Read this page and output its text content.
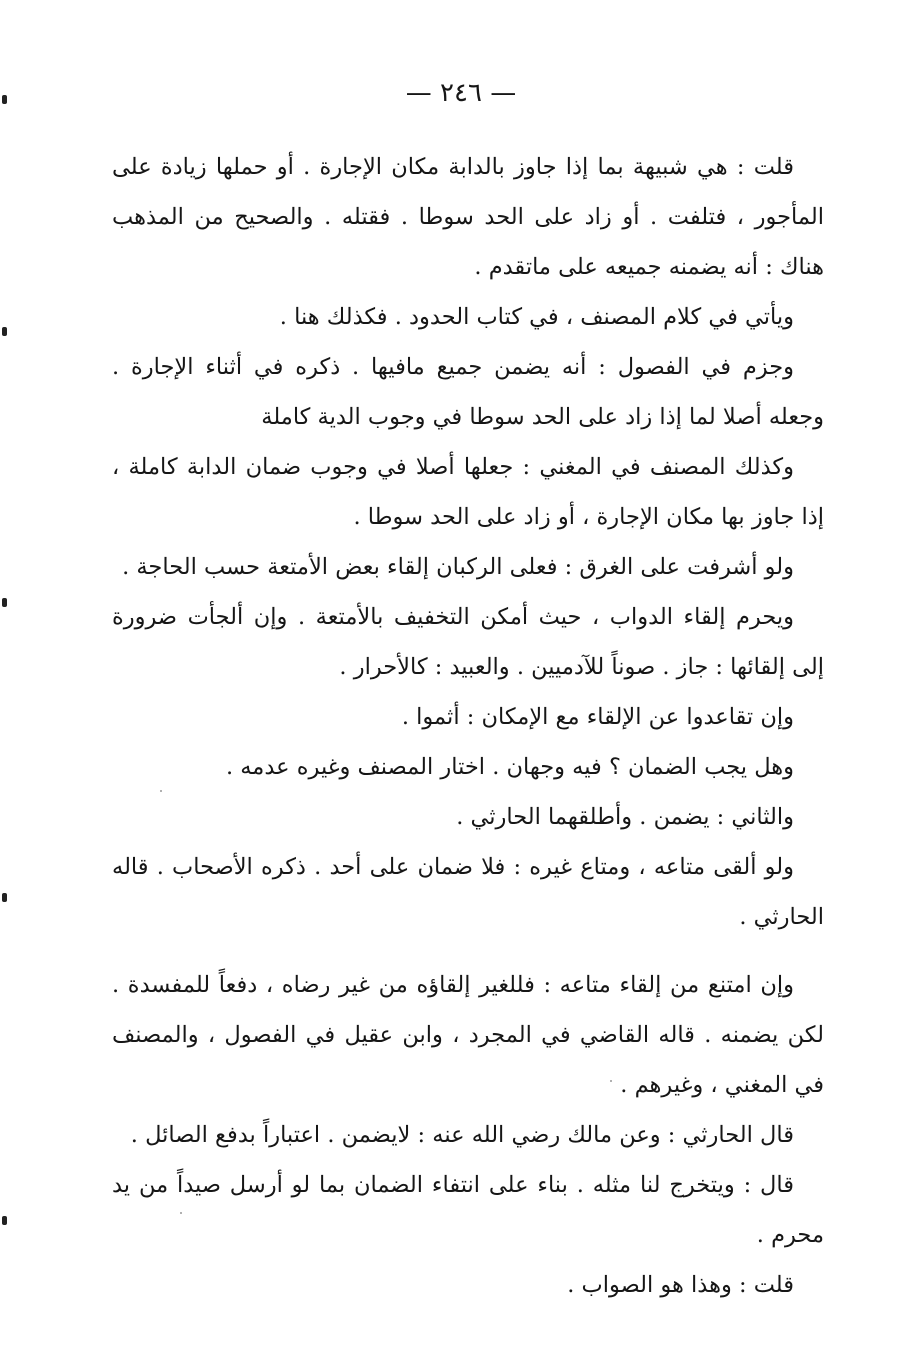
— ٢٤٦ —

قلت : هي شبيهة بما إذا جاوز بالدابة مكان الإجارة . أو حملها زيادة على المأجور ، فتلفت . أو زاد على الحد سوطا . فقتله . والصحيح من المذهب هناك : أنه يضمنه جميعه على ماتقدم .

ويأتي في كلام المصنف ، في كتاب الحدود . فكذلك هنا .

وجزم في الفصول : أنه يضمن جميع مافيها . ذكره في أثناء الإجارة . وجعله أصلا لما إذا زاد على الحد سوطا في وجوب الدية كاملة

وكذلك المصنف في المغني : جعلها أصلا في وجوب ضمان الدابة كاملة ، إذا جاوز بها مكان الإجارة ، أو زاد على الحد سوطا .

ولو أشرفت على الغرق : فعلى الركبان إلقاء بعض الأمتعة حسب الحاجة .

ويحرم إلقاء الدواب ، حيث أمكن التخفيف بالأمتعة . وإن ألجأت ضرورة إلى إلقائها : جاز . صوناً للآدميين . والعبيد : كالأحرار .

وإن تقاعدوا عن الإلقاء مع الإمكان : أثموا .

وهل يجب الضمان ؟ فيه وجهان . اختار المصنف وغيره عدمه .

والثاني : يضمن . وأطلقهما الحارثي .

ولو ألقى متاعه ، ومتاع غيره : فلا ضمان على أحد . ذكره الأصحاب . قاله الحارثي .

وإن امتنع من إلقاء متاعه : فللغير إلقاؤه من غير رضاه ، دفعاً للمفسدة . لكن يضمنه . قاله القاضي في المجرد ، وابن عقيل في الفصول ، والمصنف في المغني ، وغيرهم .

قال الحارثي : وعن مالك رضي الله عنه : لايضمن . اعتباراً بدفع الصائل .

قال : ويتخرج لنا مثله . بناء على انتفاء الضمان بما لو أرسل صيداً من يد محرم .

قلت : وهذا هو الصواب .
